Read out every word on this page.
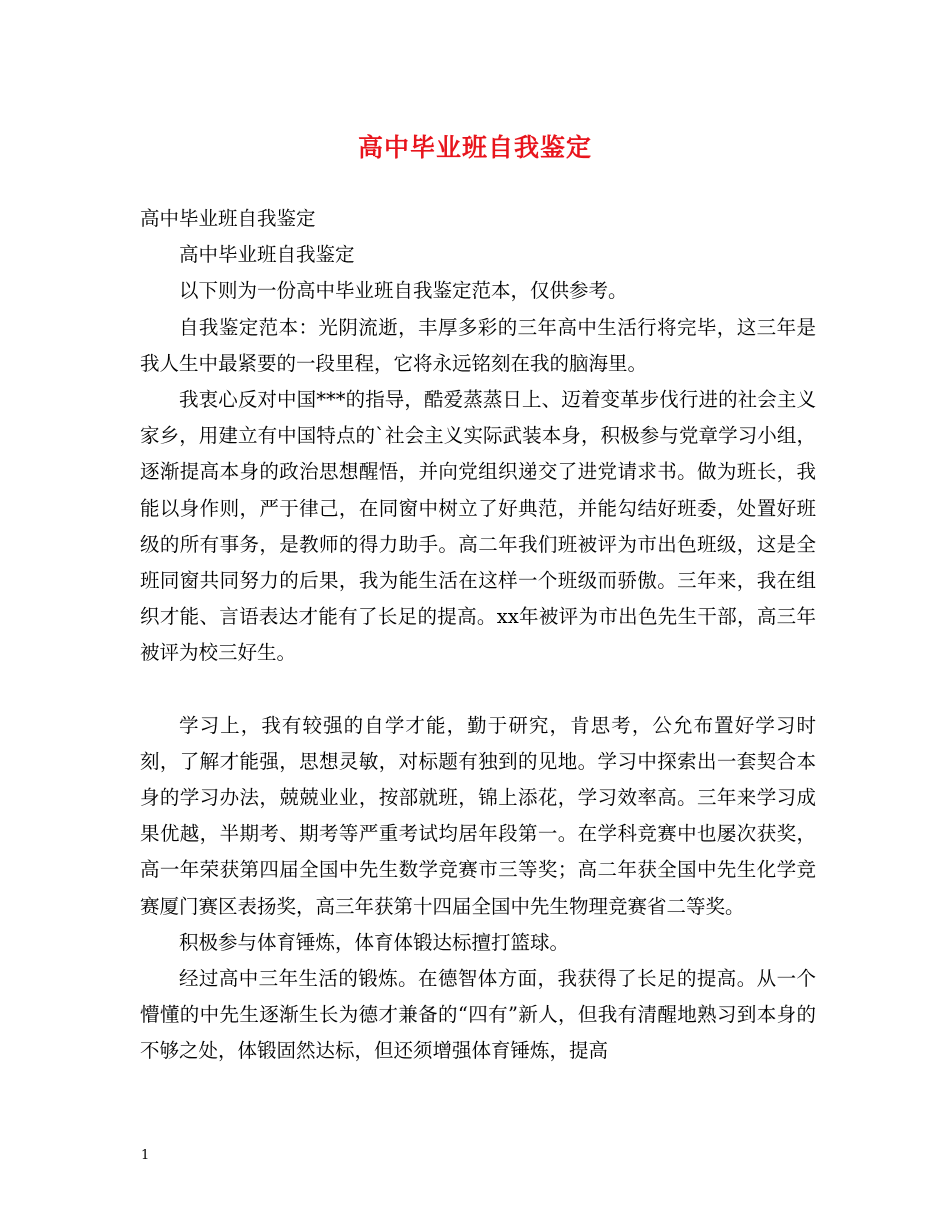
高中毕业班自我鉴定

高中毕业班自我鉴定

高中毕业班自我鉴定

以下则为一份高中毕业班自我鉴定范本，仅供参考。

自我鉴定范本：光阴流逝，丰厚多彩的三年高中生活行将完毕，这三年是我人生中最紧要的一段里程，它将永远铭刻在我的脑海里。

我衷心反对中国***的指导，酷爱蒸蒸日上、迈着变革步伐行进的社会主义家乡，用建立有中国特点的`社会主义实际武装本身，积极参与党章学习小组，逐渐提高本身的政治思想醒悟，并向党组织递交了进党请求书。做为班长，我能以身作则，严于律己，在同窗中树立了好典范，并能勾结好班委，处置好班级的所有事务，是教师的得力助手。高二年我们班被评为市出色班级，这是全班同窗共同努力的后果，我为能生活在这样一个班级而骄傲。三年来，我在组织才能、言语表达才能有了长足的提高。xx年被评为市出色先生干部，高三年被评为校三好生。

学习上，我有较强的自学才能，勤于研究，肯思考，公允布置好学习时刻，了解才能强，思想灵敏，对标题有独到的见地。学习中探索出一套契合本身的学习办法，兢兢业业，按部就班，锦上添花，学习效率高。三年来学习成果优越，半期考、期考等严重考试均居年段第一。在学科竞赛中也屡次获奖，高一年荣获第四届全国中先生数学竞赛市三等奖；高二年获全国中先生化学竞赛厦门赛区表扬奖，高三年获第十四届全国中先生物理竞赛省二等奖。

积极参与体育锤炼，体育体锻达标擅打篮球。

经过高中三年生活的锻炼。在德智体方面，我获得了长足的提高。从一个懵懂的中先生逐渐生长为德才兼备的“四有”新人，但我有清醒地熟习到本身的不够之处，体锻固然达标，但还须增强体育锤炼，提高

1
